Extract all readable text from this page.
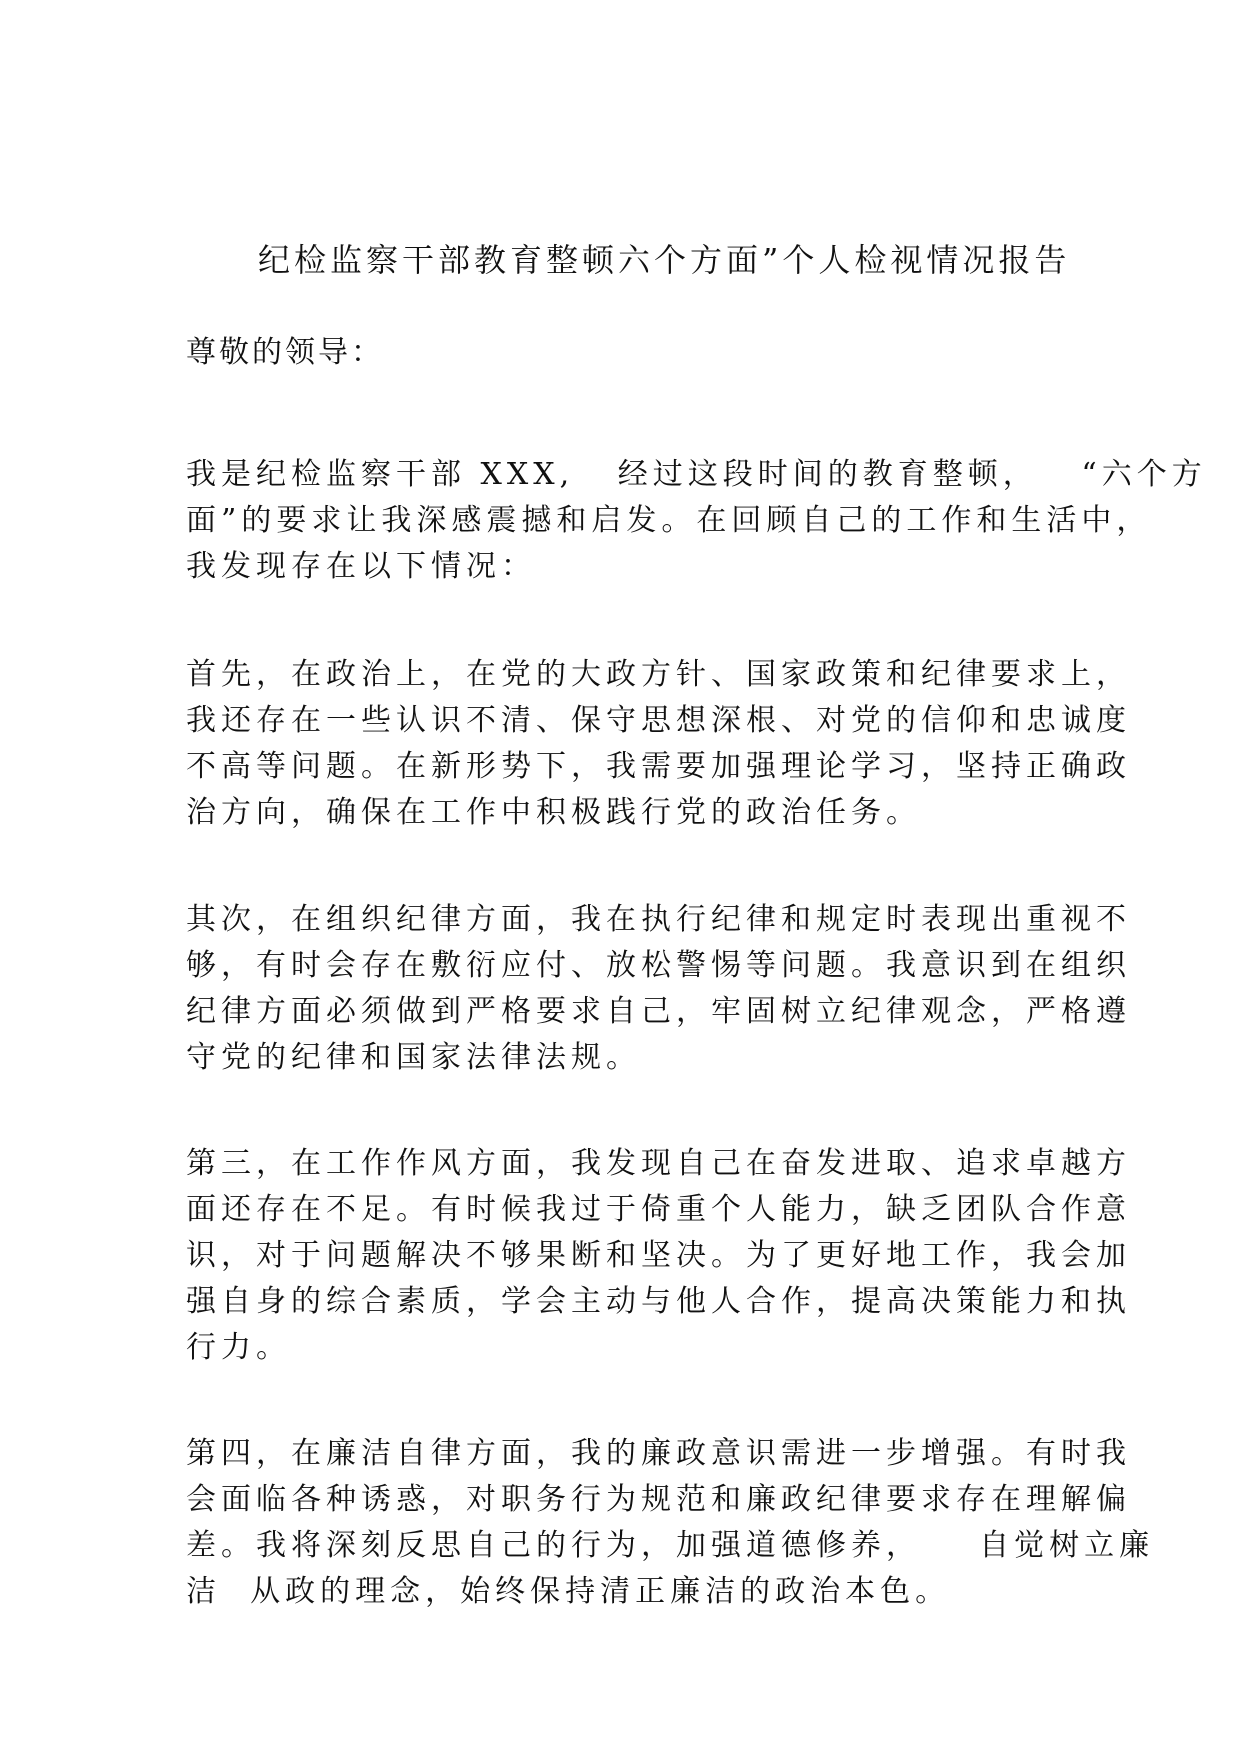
纪检监察干部教育整顿六个方面”个人检视情况报告

尊敬的领导：

我是纪检监察干部 XXX,   经过这段时间的教育整顿，   “六个方
面”的要求让我深感震撼和启发。在回顾自己的工作和生活中，
我发现存在以下情况：
首先，在政治上，在党的大政方针、国家政策和纪律要求上，
我还存在一些认识不清、保守思想深根、对党的信仰和忠诚度
不高等问题。在新形势下，我需要加强理论学习，坚持正确政
治方向，确保在工作中积极践行党的政治任务。
其次，在组织纪律方面，我在执行纪律和规定时表现出重视不
够，有时会存在敷衍应付、放松警惕等问题。我意识到在组织
纪律方面必须做到严格要求自己，牢固树立纪律观念，严格遵
守党的纪律和国家法律法规。
第三，在工作作风方面，我发现自己在奋发进取、追求卓越方
面还存在不足。有时候我过于倚重个人能力，缺乏团队合作意
识，对于问题解决不够果断和坚决。为了更好地工作，我会加
强自身的综合素质，学会主动与他人合作，提高决策能力和执
行力。
第四，在廉洁自律方面，我的廉政意识需进一步增强。有时我
会面临各种诱惑，对职务行为规范和廉政纪律要求存在理解偏
差。我将深刻反思自己的行为，加强道德修养，    自觉树立廉
洁  从政的理念，始终保持清正廉洁的政治本色。
